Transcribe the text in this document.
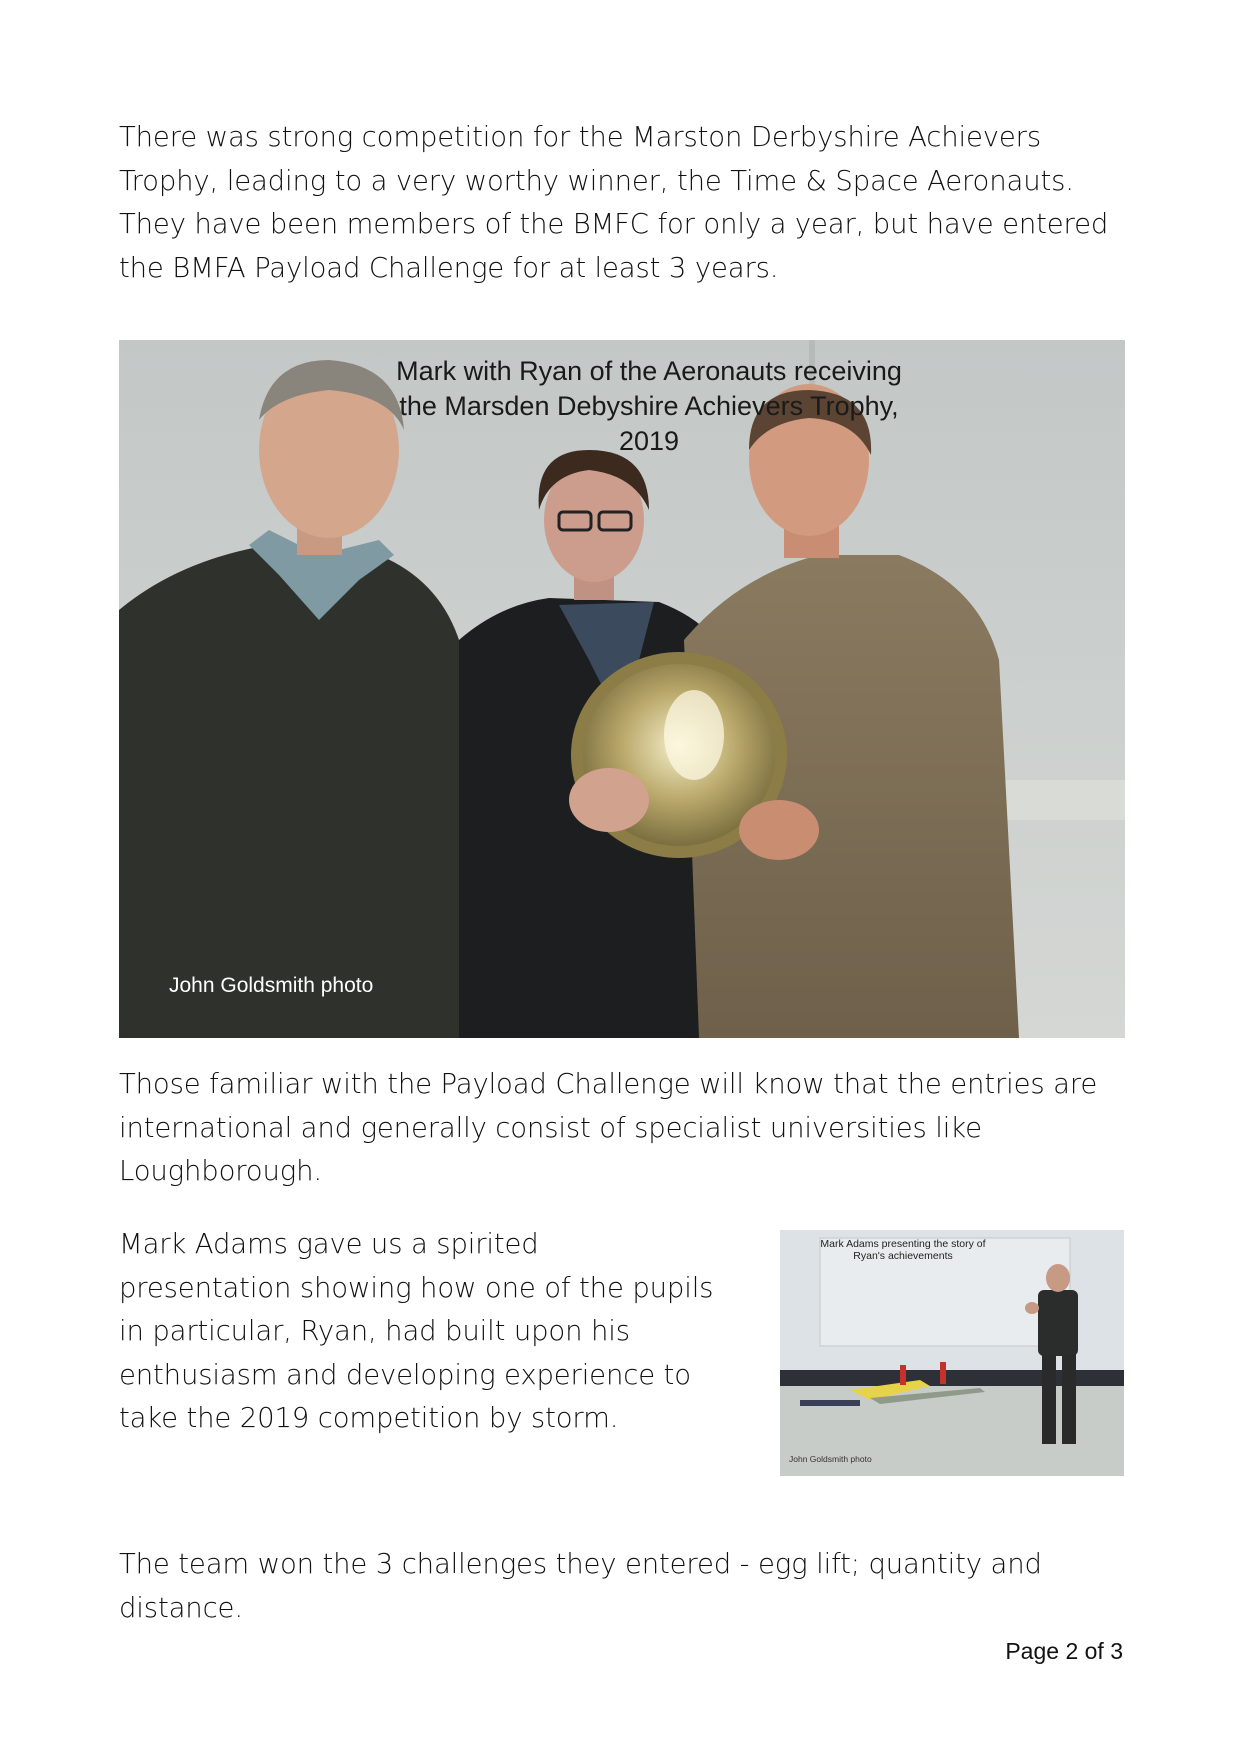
There was strong competition for the Marston Derbyshire Achievers Trophy, leading to a very worthy winner, the Time & Space Aeronauts. They have been members of the BMFC for only a year, but have entered the BMFA Payload Challenge for at least 3 years.

Mark with Ryan of the Aeronauts receiving
the Marsden Debyshire Achievers Trophy,
2019
John Goldsmith photo

Those familiar with the Payload Challenge will know that the entries are international and generally consist of specialist universities like Loughborough.

Mark Adams gave us a spirited presentation showing how one of the pupils in particular, Ryan, had built upon his enthusiasm and developing experience to take the 2019 competition by storm.

Mark Adams presenting the story of
Ryan's achievements
John Goldsmith photo

The team won the 3 challenges they entered - egg lift; quantity and distance.

Page 2 of 3
